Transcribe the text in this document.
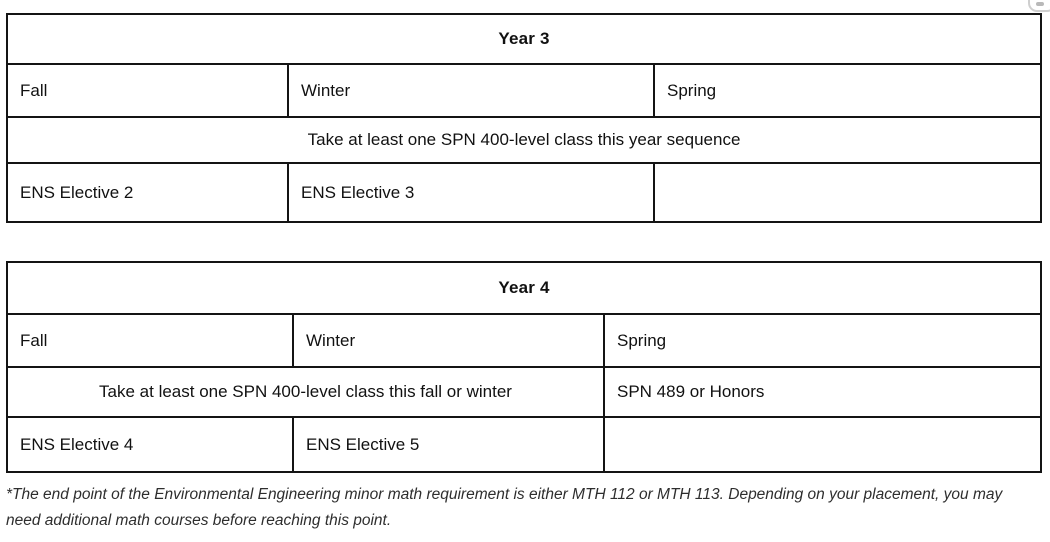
Year 3		
Fall	Winter	Spring
Take at least one SPN 400-level class this year sequence		
ENS Elective 2	ENS Elective 3	
Year 4		
Fall	Winter	Spring
Take at least one SPN 400-level class this fall or winter		SPN 489 or Honors
ENS Elective 4	ENS Elective 5	

*The end point of the Environmental Engineering minor math requirement is either MTH 112 or MTH 113. Depending on your placement, you may need additional math courses before reaching this point.
